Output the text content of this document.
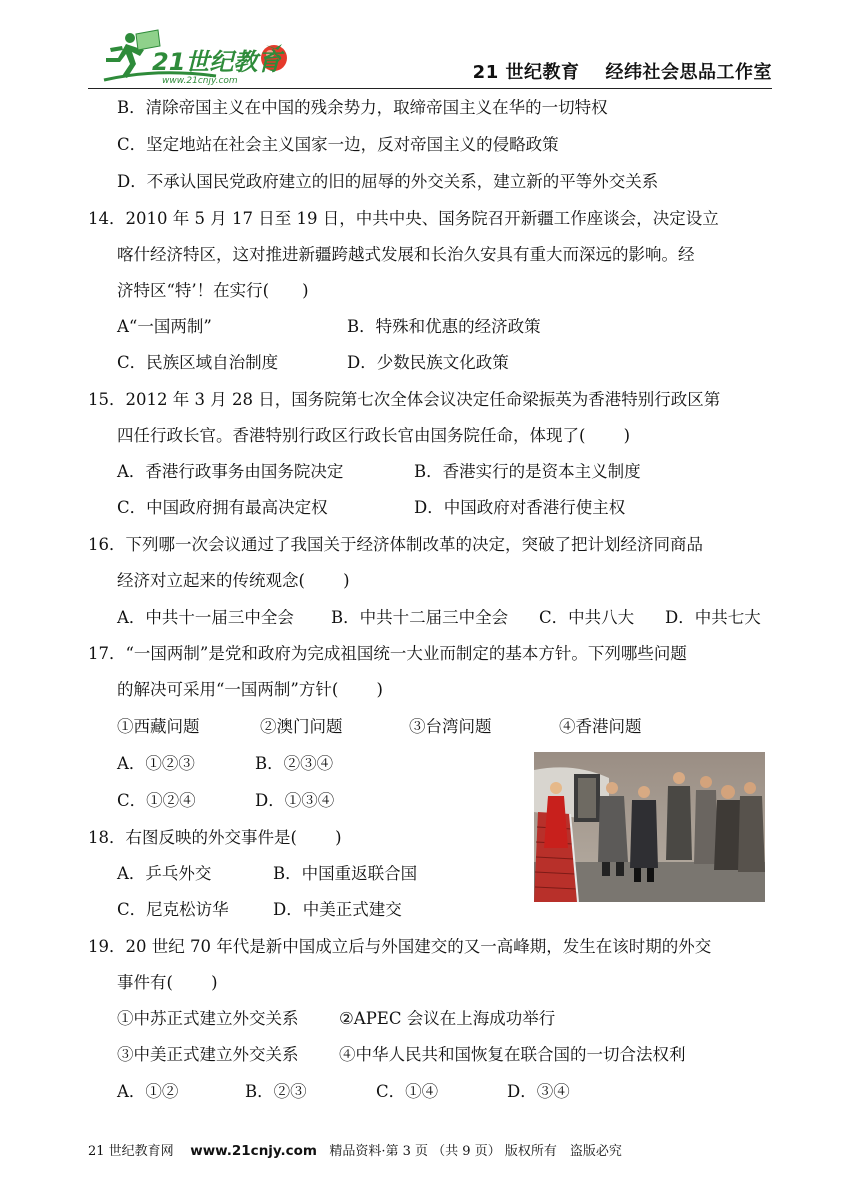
21世纪教育
www.21cnjy.com	21 世纪教育 经纬社会思品工作室
B．清除帝国主义在中国的残余势力，取缔帝国主义在华的一切特权
C．坚定地站在社会主义国家一边，反对帝国主义的侵略政策
D．不承认国民党政府建立的旧的屈辱的外交关系，建立新的平等外交关系
14．2010 年 5 月 17 日至 19 日，中共中央、国务院召开新疆工作座谈会，决定设立
喀什经济特区，这对推进新疆跨越式发展和长治久安具有重大而深远的影响。经
济特区“特’！在实行(　　)
A“一国两制”	B．特殊和优惠的经济政策
C．民族区域自治制度	D．少数民族文化政策
15．2012 年 3 月 28 日，国务院第七次全体会议决定任命梁振英为香港特别行政区第
四任行政长官。香港特别行政区行政长官由国务院任命，体现了(　　 )
A．香港行政事务由国务院决定	B．香港实行的是资本主义制度
C．中国政府拥有最高决定权	D．中国政府对香港行使主权
16．下列哪一次会议通过了我国关于经济体制改革的决定，突破了把计划经济同商品
经济对立起来的传统观念(　　 )
A．中共十一届三中全会 B．中共十二届三中全会 C．中共八大 D．中共七大
17．“一国两制”是党和政府为完成祖国统一大业而制定的基本方针。下列哪些问题
的解决可采用“一国两制”方针(　　 )
①西藏问题	②澳门问题	③台湾问题	④香港问题
A．①②③	B．②③④
C．①②④	D．①③④
18．右图反映的外交事件是(　　 )
A．乒乓外交	B．中国重返联合国
C．尼克松访华	D．中美正式建交
19．20 世纪 70 年代是新中国成立后与外国建交的又一高峰期，发生在该时期的外交
事件有(　　 )
①中苏正式建立外交关系 ②APEC 会议在上海成功举行
③中美正式建立外交关系 ④中华人民共和国恢复在联合国的一切合法权利
A．①②	B．②③	C．①④	D．③④
21 世纪教育网 www.21cnjy.com 精品资料·第 3 页 （共 9 页） 版权所有　盗版必究
